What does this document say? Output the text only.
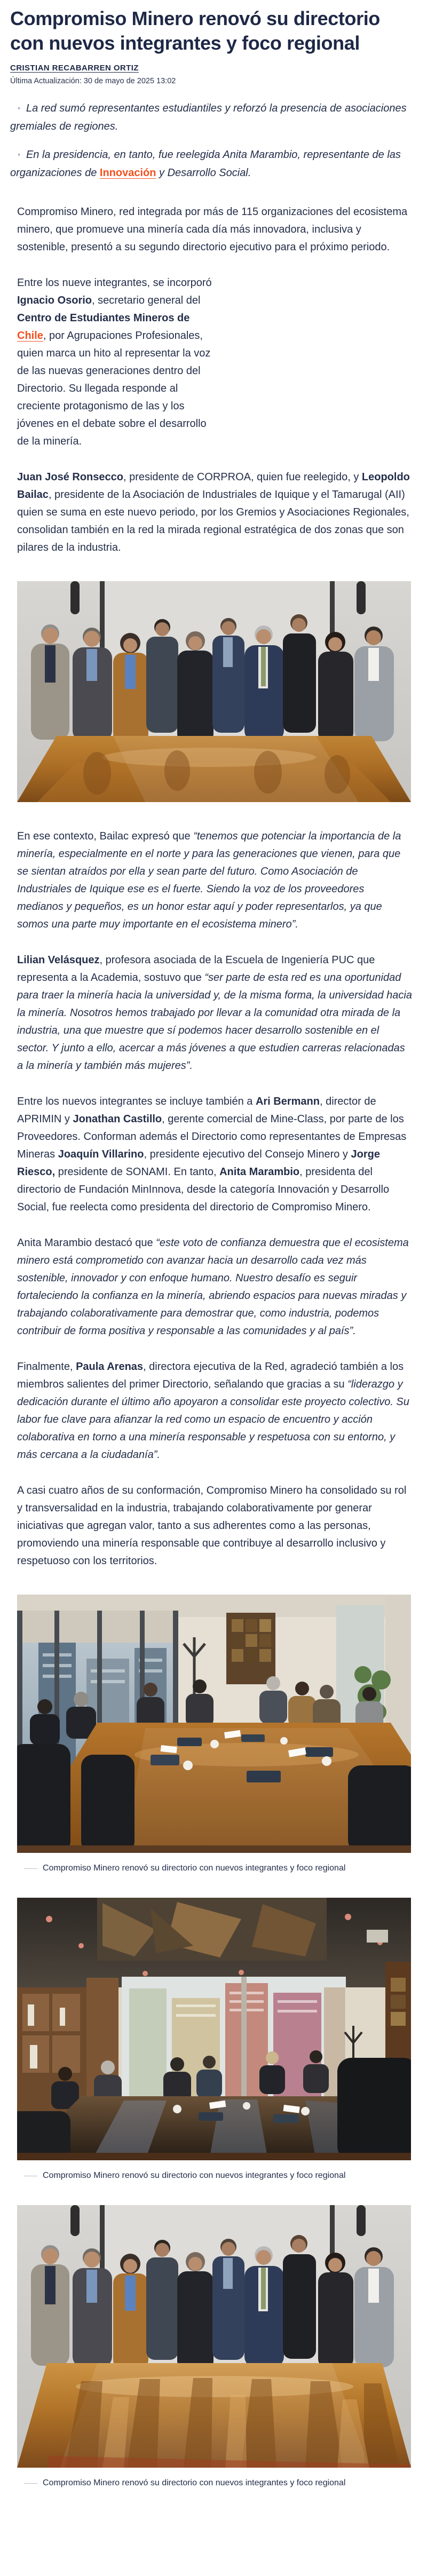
Compromiso Minero renovó su directorio con nuevos integrantes y foco regional
CRISTIAN RECABARREN ORTIZ
Última Actualización: 30 de mayo de 2025 13:02

◦ La red sumó representantes estudiantiles y reforzó la presencia de asociaciones gremiales de regiones.

◦ En la presidencia, en tanto, fue reelegida Anita Marambio, representante de las organizaciones de Innovación y Desarrollo Social.

Compromiso Minero, red integrada por más de 115 organizaciones del ecosistema minero, que promueve una minería cada día más innovadora, inclusiva y sostenible, presentó a su segundo directorio ejecutivo para el próximo periodo.

Entre los nueve integrantes, se incorporó Ignacio Osorio, secretario general del Centro de Estudiantes Mineros de Chile, por Agrupaciones Profesionales, quien marca un hito al representar la voz de las nuevas generaciones dentro del Directorio. Su llegada responde al creciente protagonismo de las y los jóvenes en el debate sobre el desarrollo de la minería.

Juan José Ronsecco, presidente de CORPROA, quien fue reelegido, y Leopoldo Bailac, presidente de la Asociación de Industriales de Iquique y el Tamarugal (AII) quien se suma en este nuevo periodo, por los Gremios y Asociaciones Regionales, consolidan también en la red la mirada regional estratégica de dos zonas que son pilares de la industria.

En ese contexto, Bailac expresó que “tenemos que potenciar la importancia de la minería, especialmente en el norte y para las generaciones que vienen, para que se sientan atraídos por ella y sean parte del futuro. Como Asociación de Industriales de Iquique ese es el fuerte. Siendo la voz de los proveedores medianos y pequeños, es un honor estar aquí y poder representarlos, ya que somos una parte muy importante en el ecosistema minero”.

Lilian Velásquez, profesora asociada de la Escuela de Ingeniería PUC que representa a la Academia, sostuvo que “ser parte de esta red es una oportunidad para traer la minería hacia la universidad y, de la misma forma, la universidad hacia la minería. Nosotros hemos trabajado por llevar a la comunidad otra mirada de la industria, una que muestre que sí podemos hacer desarrollo sostenible en el sector. Y junto a ello, acercar a más jóvenes a que estudien carreras relacionadas a la minería y también más mujeres”.

Entre los nuevos integrantes se incluye también a Ari Bermann, director de APRIMIN y Jonathan Castillo, gerente comercial de Mine-Class, por parte de los Proveedores. Conforman además el Directorio como representantes de Empresas Mineras Joaquín Villarino, presidente ejecutivo del Consejo Minero y Jorge Riesco, presidente de SONAMI. En tanto, Anita Marambio, presidenta del directorio de Fundación MinInnova, desde la categoría Innovación y Desarrollo Social, fue reelecta como presidenta del directorio de Compromiso Minero.

Anita Marambio destacó que “este voto de confianza demuestra que el ecosistema minero está comprometido con avanzar hacia un desarrollo cada vez más sostenible, innovador y con enfoque humano. Nuestro desafío es seguir fortaleciendo la confianza en la minería, abriendo espacios para nuevas miradas y trabajando colaborativamente para demostrar que, como industria, podemos contribuir de forma positiva y responsable a las comunidades y al país”.

Finalmente, Paula Arenas, directora ejecutiva de la Red, agradeció también a los miembros salientes del primer Directorio, señalando que gracias a su “liderazgo y dedicación durante el último año apoyaron a consolidar este proyecto colectivo. Su labor fue clave para afianzar la red como un espacio de encuentro y acción colaborativa en torno a una minería responsable y respetuosa con su entorno, y más cercana a la ciudadanía”.

A casi cuatro años de su conformación, Compromiso Minero ha consolidado su rol y transversalidad en la industria, trabajando colaborativamente por generar iniciativas que agregan valor, tanto a sus adherentes como a las personas, promoviendo una minería responsable que contribuye al desarrollo inclusivo y respetuoso con los territorios.

Compromiso Minero renovó su directorio con nuevos integrantes y foco regional
Compromiso Minero renovó su directorio con nuevos integrantes y foco regional
Compromiso Minero renovó su directorio con nuevos integrantes y foco regional
